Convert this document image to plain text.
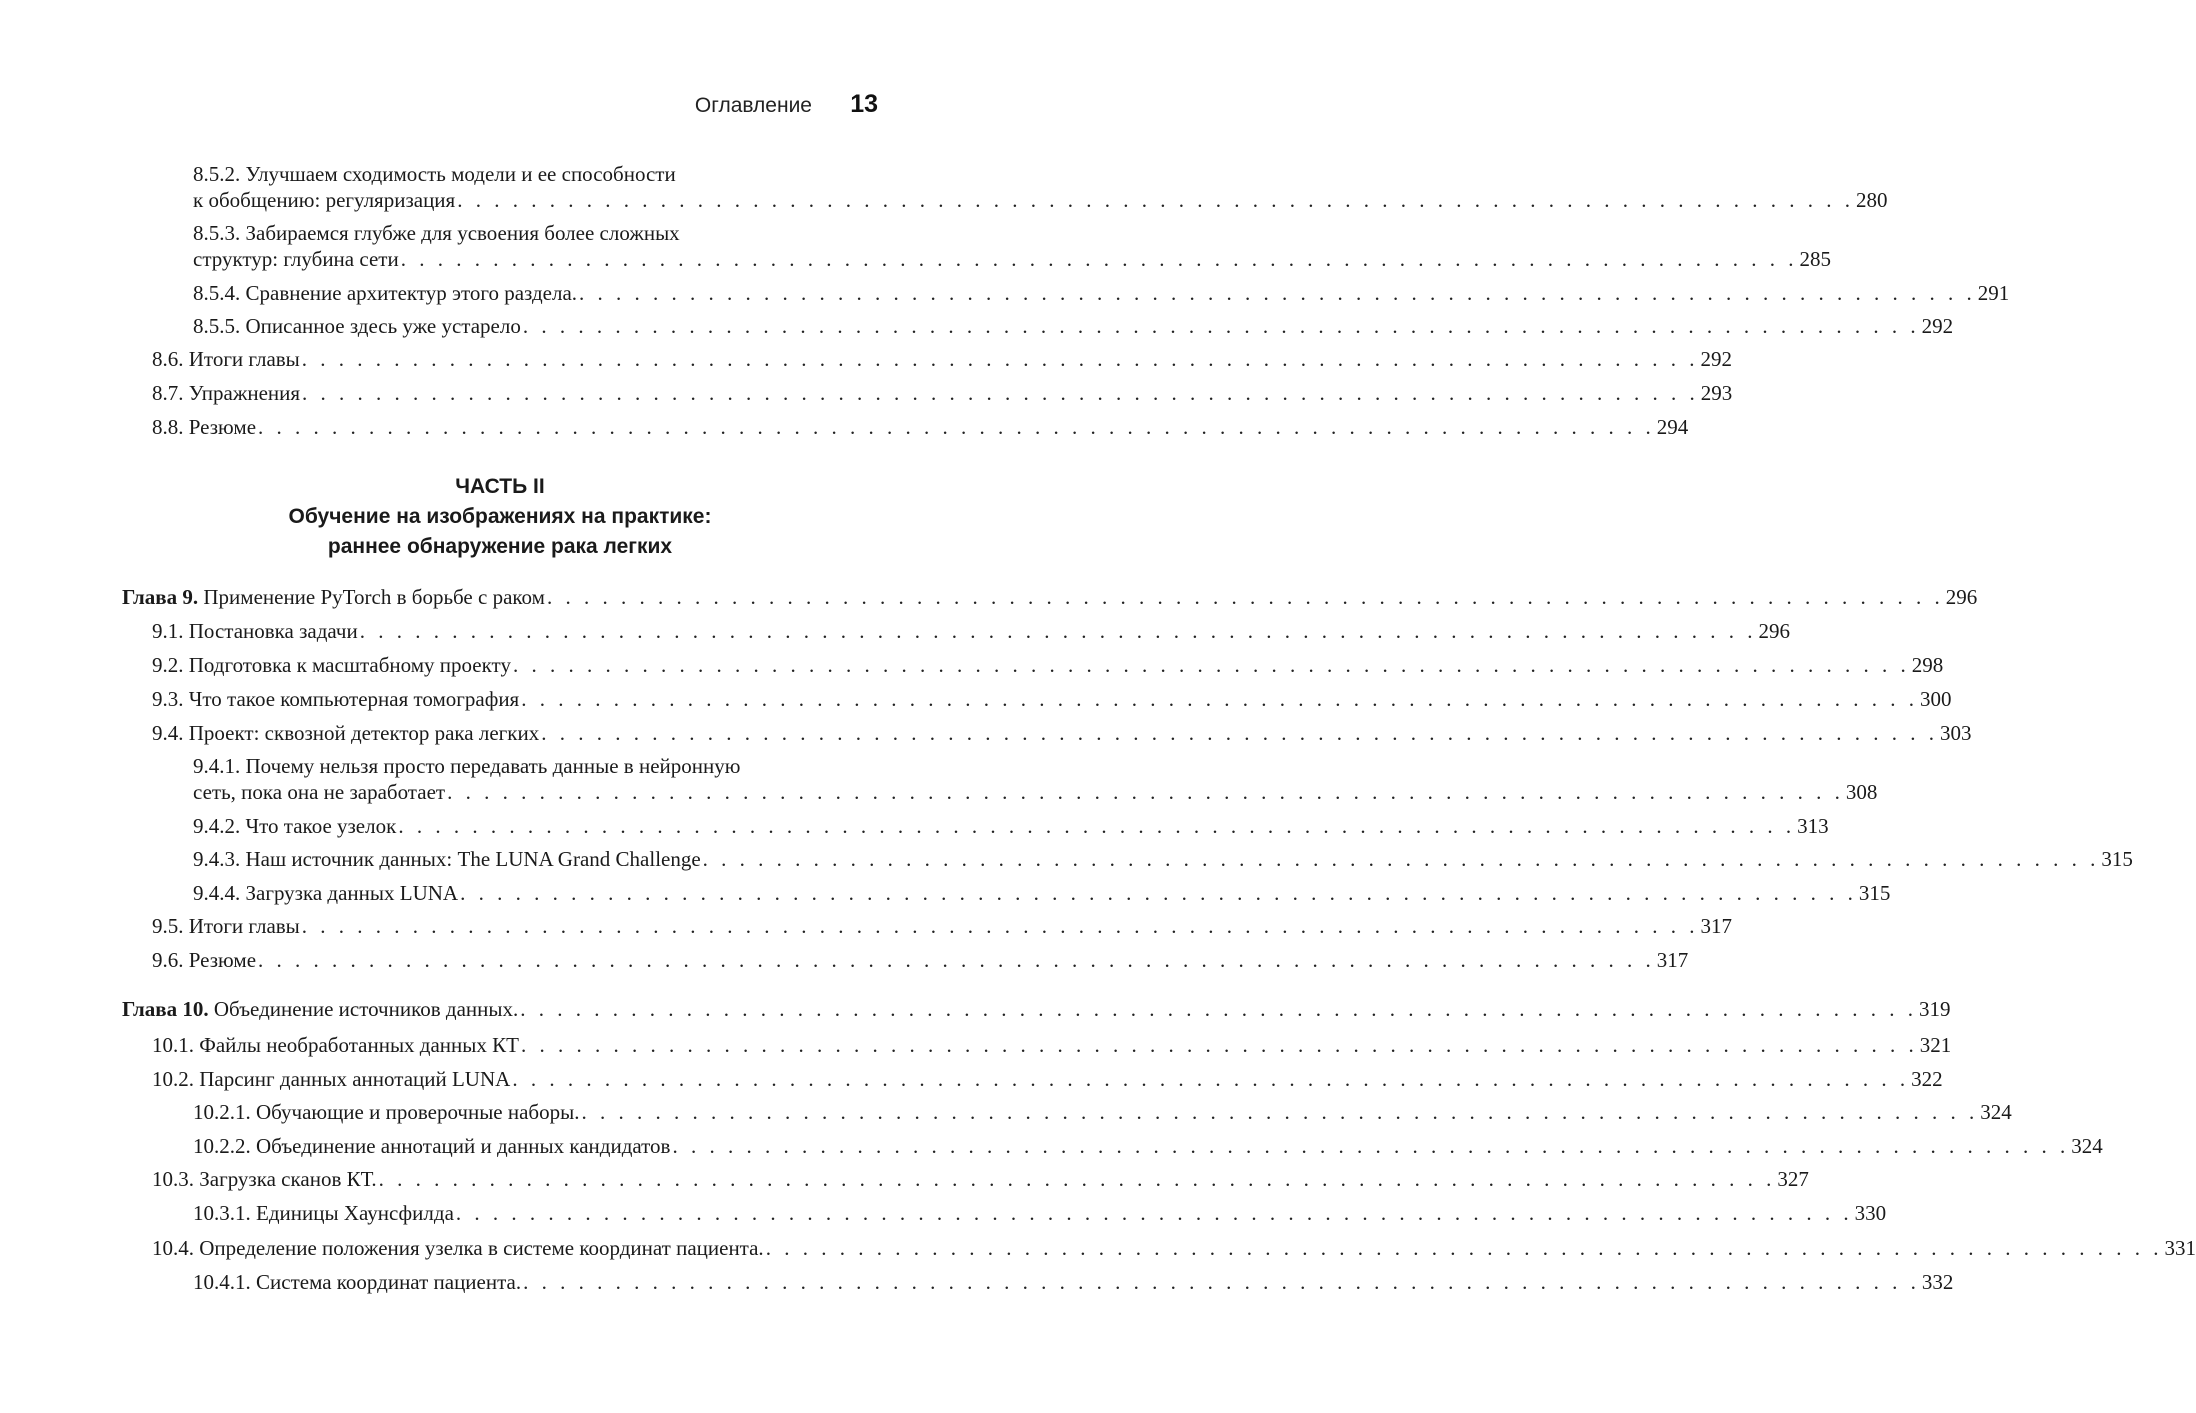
Оглавление 13
ЧАСТЬ II
Обучение на изображениях на практике:
раннее обнаружение рака легких
8.5.2. Улучшаем сходимость модели и ее способности
к обобщению: регуляризация . . . . . . . . . . . . . . . . . . . . . . . . . . . . . . . . . . . . . . . . . . . . . . . . . . . . . . . . . . . . . . . . . . . . . . . . . . . . 280
8.5.3. Забираемся глубже для усвоения более сложных
структур: глубина сети . . . . . . . . . . . . . . . . . . . . . . . . . . . . . . . . . . . . . . . . . . . . . . . . . . . . . . . . . . . . . . . . . . . . . . . . . . . . 285
8.5.4. Сравнение архитектур этого раздела. . . . . . . . . . . . . . . . . . . . . . . . . . . . . . . . . . . . . . . . . . . . . . . . . . . . . . . . . . . . . . . . . . . . . . . . . . . . . 291
8.5.5. Описанное здесь уже устарело . . . . . . . . . . . . . . . . . . . . . . . . . . . . . . . . . . . . . . . . . . . . . . . . . . . . . . . . . . . . . . . . . . . . . . . . . . . . 292
8.6. Итоги главы . . . . . . . . . . . . . . . . . . . . . . . . . . . . . . . . . . . . . . . . . . . . . . . . . . . . . . . . . . . . . . . . . . . . . . . . . . . . 292
8.7. Упражнения . . . . . . . . . . . . . . . . . . . . . . . . . . . . . . . . . . . . . . . . . . . . . . . . . . . . . . . . . . . . . . . . . . . . . . . . . . . . 293
8.8. Резюме . . . . . . . . . . . . . . . . . . . . . . . . . . . . . . . . . . . . . . . . . . . . . . . . . . . . . . . . . . . . . . . . . . . . . . . . . . . . 294
Глава 9. Применение PyTorch в борьбе с раком . . . . . . . . . . . . . . . . . . . . . . . . . . . . . . . . . . . . . . . . . . . . . . . . . . . . . . . . . . . . . . . . . . . . . . . . . . . . 296
9.1. Постановка задачи . . . . . . . . . . . . . . . . . . . . . . . . . . . . . . . . . . . . . . . . . . . . . . . . . . . . . . . . . . . . . . . . . . . . . . . . . . . . 296
9.2. Подготовка к масштабному проекту . . . . . . . . . . . . . . . . . . . . . . . . . . . . . . . . . . . . . . . . . . . . . . . . . . . . . . . . . . . . . . . . . . . . . . . . . . . . 298
9.3. Что такое компьютерная томография . . . . . . . . . . . . . . . . . . . . . . . . . . . . . . . . . . . . . . . . . . . . . . . . . . . . . . . . . . . . . . . . . . . . . . . . . . . . 300
9.4. Проект: сквозной детектор рака легких . . . . . . . . . . . . . . . . . . . . . . . . . . . . . . . . . . . . . . . . . . . . . . . . . . . . . . . . . . . . . . . . . . . . . . . . . . . . 303
9.4.1. Почему нельзя просто передавать данные в нейронную
сеть, пока она не заработает . . . . . . . . . . . . . . . . . . . . . . . . . . . . . . . . . . . . . . . . . . . . . . . . . . . . . . . . . . . . . . . . . . . . . . . . . . . . 308
9.4.2. Что такое узелок . . . . . . . . . . . . . . . . . . . . . . . . . . . . . . . . . . . . . . . . . . . . . . . . . . . . . . . . . . . . . . . . . . . . . . . . . . . . 313
9.4.3. Наш источник данных: The LUNA Grand Challenge . . . . . . . . . . . . . . . . . . . . . . . . . . . . . . . . . . . . . . . . . . . . . . . . . . . . . . . . . . . . . . . . . . . . . . . . . . . . 315
9.4.4. Загрузка данных LUNA . . . . . . . . . . . . . . . . . . . . . . . . . . . . . . . . . . . . . . . . . . . . . . . . . . . . . . . . . . . . . . . . . . . . . . . . . . . . 315
9.5. Итоги главы . . . . . . . . . . . . . . . . . . . . . . . . . . . . . . . . . . . . . . . . . . . . . . . . . . . . . . . . . . . . . . . . . . . . . . . . . . . . 317
9.6. Резюме . . . . . . . . . . . . . . . . . . . . . . . . . . . . . . . . . . . . . . . . . . . . . . . . . . . . . . . . . . . . . . . . . . . . . . . . . . . . 317
Глава 10. Объединение источников данных. . . . . . . . . . . . . . . . . . . . . . . . . . . . . . . . . . . . . . . . . . . . . . . . . . . . . . . . . . . . . . . . . . . . . . . . . . . . . 319
10.1. Файлы необработанных данных КТ . . . . . . . . . . . . . . . . . . . . . . . . . . . . . . . . . . . . . . . . . . . . . . . . . . . . . . . . . . . . . . . . . . . . . . . . . . . . 321
10.2. Парсинг данных аннотаций LUNA . . . . . . . . . . . . . . . . . . . . . . . . . . . . . . . . . . . . . . . . . . . . . . . . . . . . . . . . . . . . . . . . . . . . . . . . . . . . 322
10.2.1. Обучающие и проверочные наборы. . . . . . . . . . . . . . . . . . . . . . . . . . . . . . . . . . . . . . . . . . . . . . . . . . . . . . . . . . . . . . . . . . . . . . . . . . . . . 324
10.2.2. Объединение аннотаций и данных кандидатов . . . . . . . . . . . . . . . . . . . . . . . . . . . . . . . . . . . . . . . . . . . . . . . . . . . . . . . . . . . . . . . . . . . . . . . . . . . . 324
10.3. Загрузка сканов КТ. . . . . . . . . . . . . . . . . . . . . . . . . . . . . . . . . . . . . . . . . . . . . . . . . . . . . . . . . . . . . . . . . . . . . . . . . . . . . 327
10.3.1. Единицы Хаунсфилда . . . . . . . . . . . . . . . . . . . . . . . . . . . . . . . . . . . . . . . . . . . . . . . . . . . . . . . . . . . . . . . . . . . . . . . . . . . . 330
10.4. Определение положения узелка в системе координат пациента. . . . . . . . . . . . . . . . . . . . . . . . . . . . . . . . . . . . . . . . . . . . . . . . . . . . . . . . . . . . . . . . . . . . . . . . . . . . . 331
10.4.1. Система координат пациента. . . . . . . . . . . . . . . . . . . . . . . . . . . . . . . . . . . . . . . . . . . . . . . . . . . . . . . . . . . . . . . . . . . . . . . . . . . . . 332
